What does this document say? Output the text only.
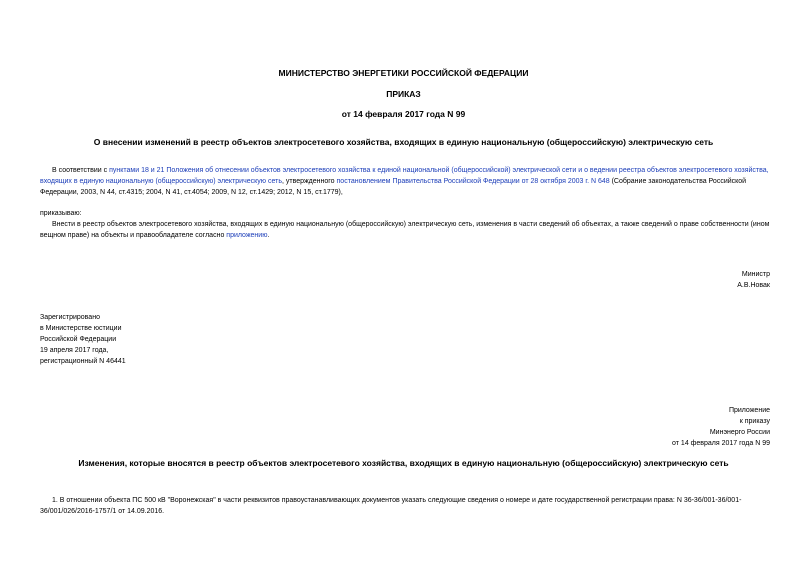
МИНИСТЕРСТВО ЭНЕРГЕТИКИ РОССИЙСКОЙ ФЕДЕРАЦИИ
ПРИКАЗ
от 14 февраля 2017 года N 99
О внесении изменений в реестр объектов электросетевого хозяйства, входящих в единую национальную (общероссийскую) электрическую сеть

В соответствии с пунктами 18 и 21 Положения об отнесении объектов электросетевого хозяйства к единой национальной (общероссийской) электрической сети и о ведении реестра объектов электросетевого хозяйства, входящих в единую национальную (общероссийскую) электрическую сеть, утвержденного постановлением Правительства Российской Федерации от 28 октября 2003 г. N 648 (Собрание законодательства Российской Федерации, 2003, N 44, ст.4315; 2004, N 41, ст.4054; 2009, N 12, ст.1429; 2012, N 15, ст.1779),

приказываю:

Внести в реестр объектов электросетевого хозяйства, входящих в единую национальную (общероссийскую) электрическую сеть, изменения в части сведений об объектах, а также сведений о праве собственности (ином вещном праве) на объекты и правообладателе согласно приложению.

Министр
А.В.Новак
Зарегистрировано
в Министерстве юстиции
Российской Федерации
19 апреля 2017 года,
регистрационный N 46441
Приложение
к приказу
Минэнерго России
от 14 февраля 2017 года N 99
Изменения, которые вносятся в реестр объектов электросетевого хозяйства, входящих в единую национальную (общероссийскую) электрическую сеть

1. В отношении объекта ПС 500 кВ "Воронежская" в части реквизитов правоустанавливающих документов указать следующие сведения о номере и дате государственной регистрации права: N 36-36/001-36/001-36/001/026/2016-1757/1 от 14.09.2016.
